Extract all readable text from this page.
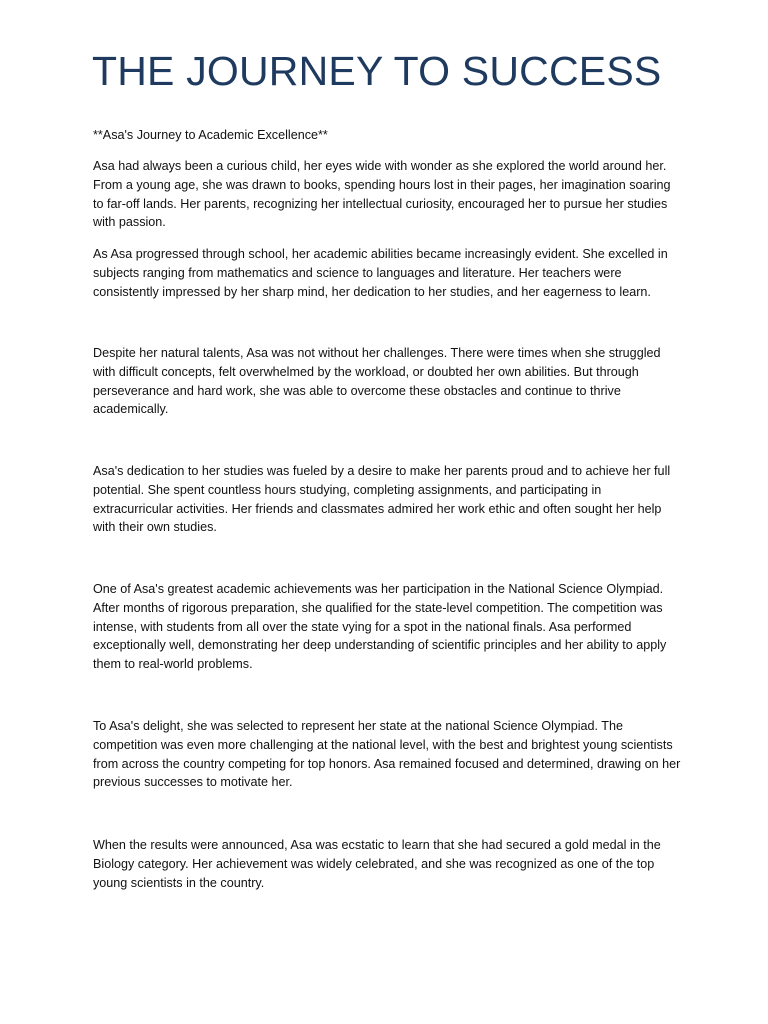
THE JOURNEY TO SUCCESS

**Asa's Journey to Academic Excellence**

Asa had always been a curious child, her eyes wide with wonder as she explored the world around her. From a young age, she was drawn to books, spending hours lost in their pages, her imagination soaring to far-off lands. Her parents, recognizing her intellectual curiosity, encouraged her to pursue her studies with passion.

As Asa progressed through school, her academic abilities became increasingly evident. She excelled in subjects ranging from mathematics and science to languages and literature. Her teachers were consistently impressed by her sharp mind, her dedication to her studies, and her eagerness to learn.

Despite her natural talents, Asa was not without her challenges. There were times when she struggled with difficult concepts, felt overwhelmed by the workload, or doubted her own abilities. But through perseverance and hard work, she was able to overcome these obstacles and continue to thrive academically.

Asa's dedication to her studies was fueled by a desire to make her parents proud and to achieve her full potential. She spent countless hours studying, completing assignments, and participating in extracurricular activities. Her friends and classmates admired her work ethic and often sought her help with their own studies.

One of Asa's greatest academic achievements was her participation in the National Science Olympiad. After months of rigorous preparation, she qualified for the state-level competition. The competition was intense, with students from all over the state vying for a spot in the national finals. Asa performed exceptionally well, demonstrating her deep understanding of scientific principles and her ability to apply them to real-world problems.

To Asa's delight, she was selected to represent her state at the national Science Olympiad. The competition was even more challenging at the national level, with the best and brightest young scientists from across the country competing for top honors. Asa remained focused and determined, drawing on her previous successes to motivate her.

When the results were announced, Asa was ecstatic to learn that she had secured a gold medal in the Biology category. Her achievement was widely celebrated, and she was recognized as one of the top young scientists in the country.
